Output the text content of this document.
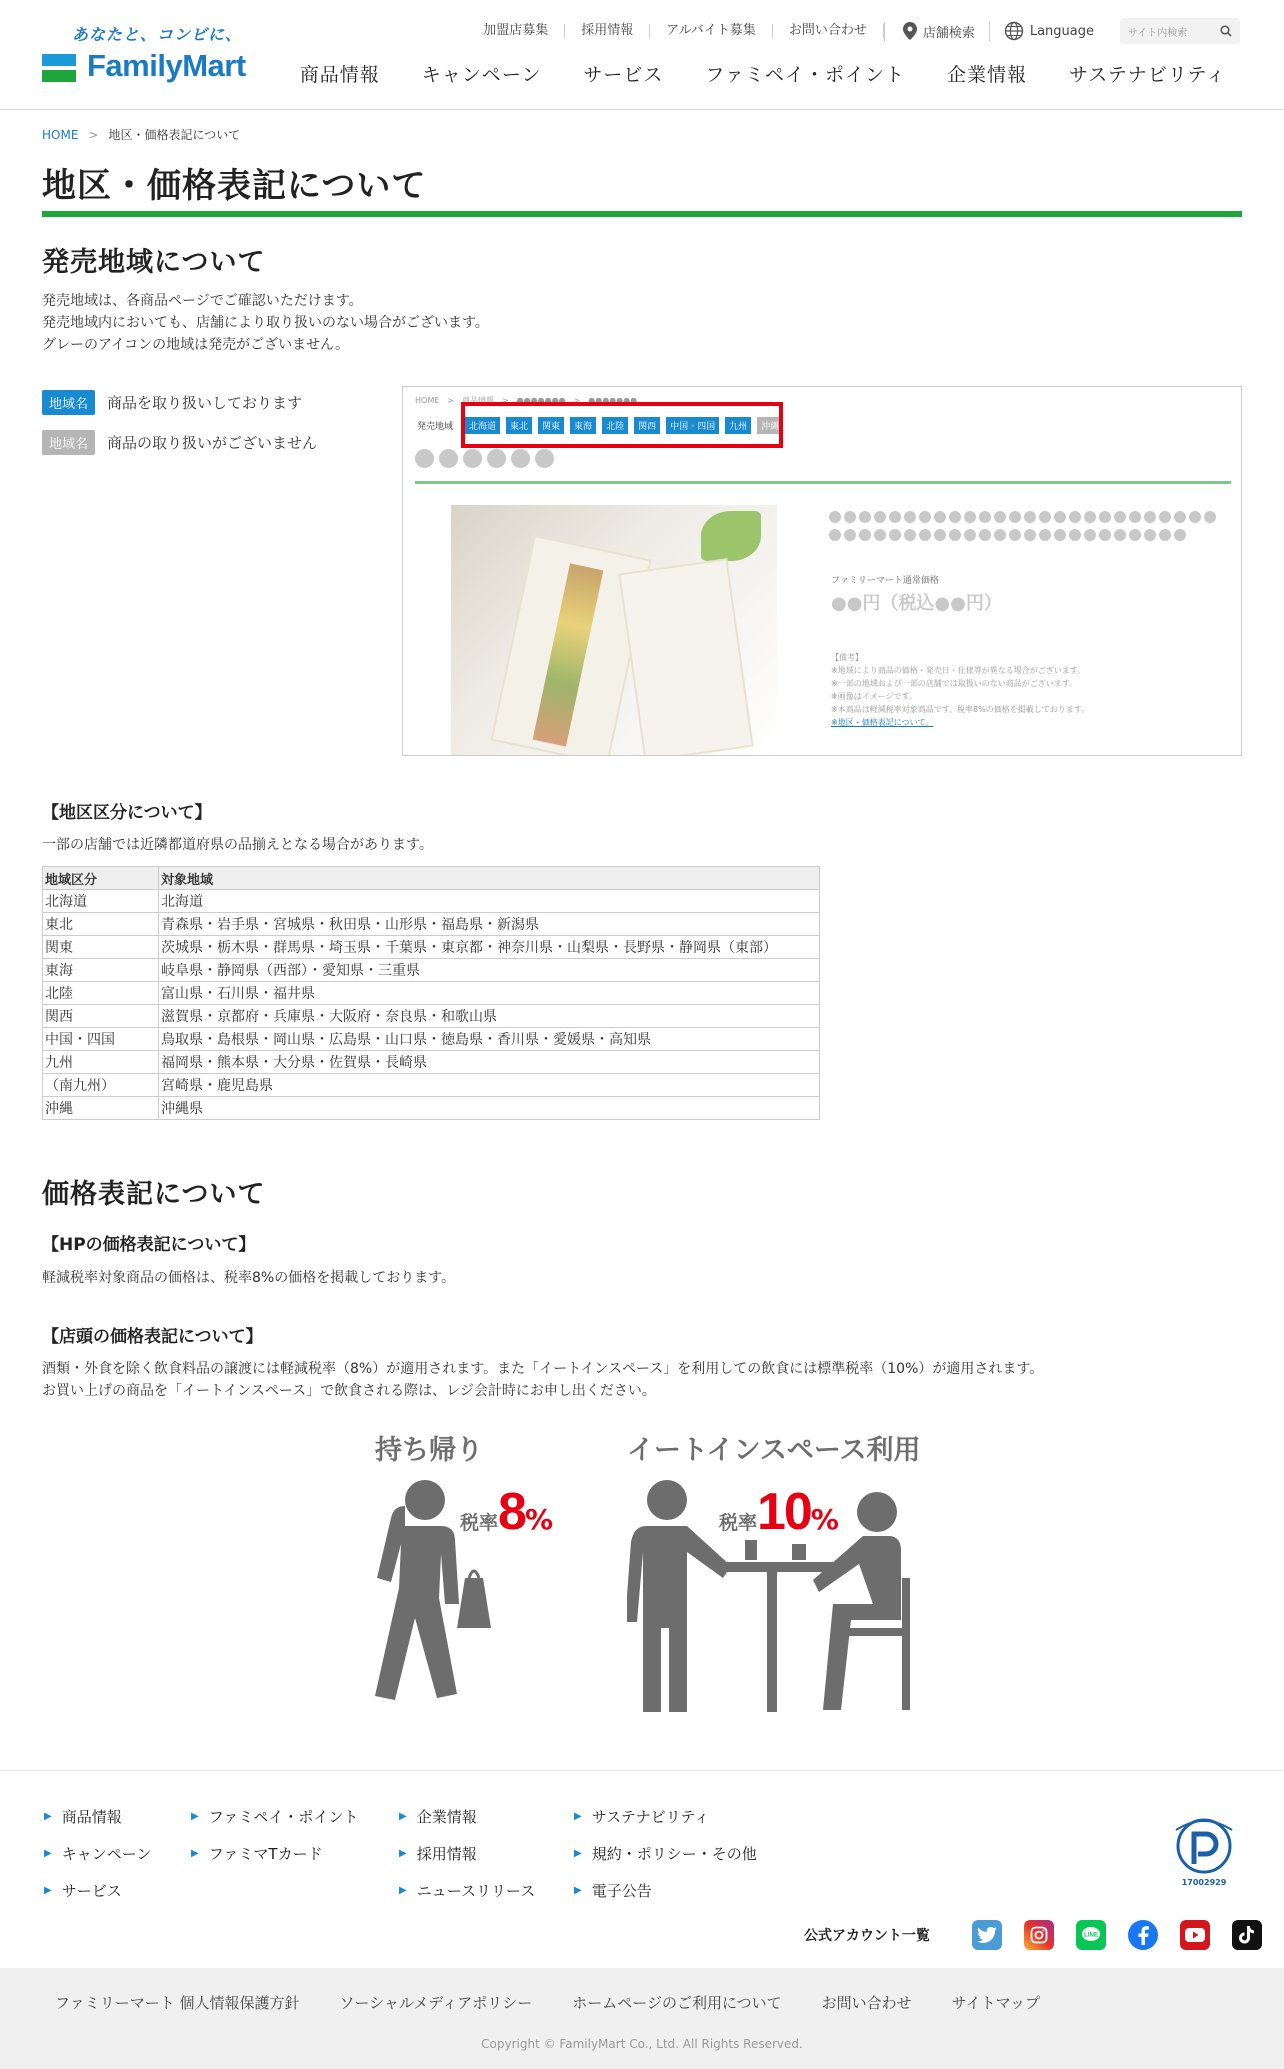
あなたと、コンビに、
FamilyMart
加盟店募集	採用情報	アルバイト募集	お問い合わせ	店舗検索	Language	サイト内検索
商品情報 キャンペーン サービス ファミペイ・ポイント 企業情報 サステナビリティ
HOME > 地区・価格表記について
地区・価格表記について
発売地域について
発売地域は、各商品ページでご確認いただけます。
発売地域内においても、店舗により取り扱いのない場合がございます。
グレーのアイコンの地域は発売がございません。
地域名	商品を取り扱いしております
地域名	商品の取り扱いがございません
HOME　>　商品情報　>　●●●●●●●　>　●●●●●●●
発売地域	北海道	東北	関東	東海	北陸	関西	中国・四国	九州	沖縄
ファミリーマート通常価格
●●円（税込●●円）
【備考】
※地域により商品の価格・発売日・仕様等が異なる場合がございます。
※一部の地域および一部の店舗では取扱いのない商品がございます。
※画像はイメージです。
※本商品は軽減税率対象商品です。税率8%の価格を掲載しております。
※地区・価格表記について。
【地区区分について】
一部の店舗では近隣都道府県の品揃えとなる場合があります。
地域区分	対象地域
北海道	北海道
東北	青森県・岩手県・宮城県・秋田県・山形県・福島県・新潟県
関東	茨城県・栃木県・群馬県・埼玉県・千葉県・東京都・神奈川県・山梨県・長野県・静岡県（東部）
東海	岐阜県・静岡県（西部）・愛知県・三重県
北陸	富山県・石川県・福井県
関西	滋賀県・京都府・兵庫県・大阪府・奈良県・和歌山県
中国・四国	鳥取県・島根県・岡山県・広島県・山口県・徳島県・香川県・愛媛県・高知県
九州	福岡県・熊本県・大分県・佐賀県・長崎県
（南九州）	宮崎県・鹿児島県
沖縄	沖縄県
価格表記について
【HPの価格表記について】
軽減税率対象商品の価格は、税率8%の価格を掲載しております。
【店頭の価格表記について】
酒類・外食を除く飲食料品の譲渡には軽減税率（8%）が適用されます。また「イートインスペース」を利用しての飲食には標準税率（10%）が適用されます。
お買い上げの商品を「イートインスペース」で飲食される際は、レジ会計時にお申し出ください。
持ち帰り	イートインスペース利用
税率8%	税率10%
▶ 商品情報
▶ キャンペーン
▶ サービス
▶ ファミペイ・ポイント
▶ ファミマTカード
▶ 企業情報
▶ 採用情報
▶ ニュースリリース
▶ サステナビリティ
▶ 規約・ポリシー・その他
▶ 電子公告	17002929
公式アカウント一覧	LINE
ファミリーマート 個人情報保護方針	ソーシャルメディアポリシー	ホームページのご利用について	お問い合わせ	サイトマップ
Copyright © FamilyMart Co., Ltd. All Rights Reserved.
